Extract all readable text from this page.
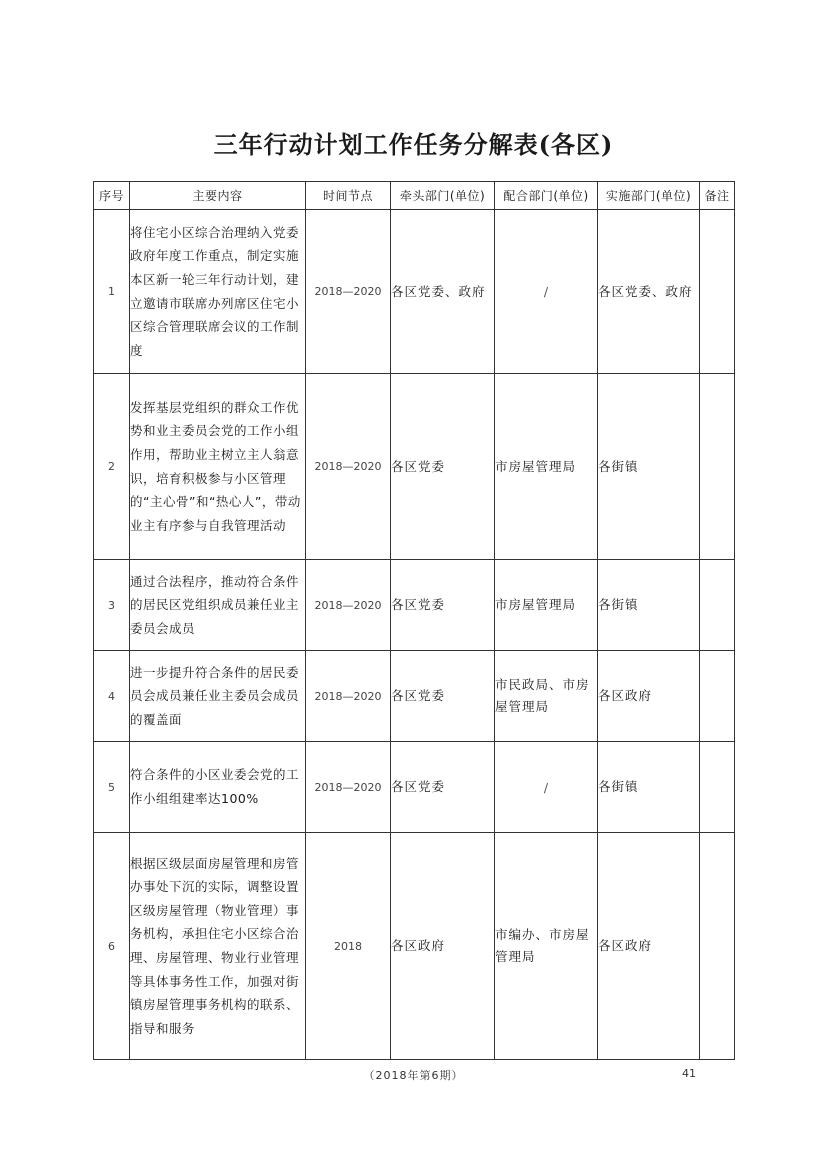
三年行动计划工作任务分解表(各区)
序号	主要内容	时间节点	牵头部门(单位)	配合部门(单位)	实施部门(单位)	备注
1	将住宅小区综合治理纳入党委政府年度工作重点，制定实施本区新一轮三年行动计划，建立邀请市联席办列席区住宅小区综合管理联席会议的工作制度	2018—2020	各区党委、政府	/	各区党委、政府	
2	发挥基层党组织的群众工作优势和业主委员会党的工作小组作用，帮助业主树立主人翁意识，培育积极参与小区管理的“主心骨”和“热心人”，带动业主有序参与自我管理活动	2018—2020	各区党委	市房屋管理局	各街镇	
3	通过合法程序，推动符合条件的居民区党组织成员兼任业主委员会成员	2018—2020	各区党委	市房屋管理局	各街镇	
4	进一步提升符合条件的居民委员会成员兼任业主委员会成员的覆盖面	2018—2020	各区党委	市民政局、市房屋管理局	各区政府	
5	符合条件的小区业委会党的工作小组组建率达100%	2018—2020	各区党委	/	各街镇	
6	根据区级层面房屋管理和房管办事处下沉的实际，调整设置区级房屋管理（物业管理）事务机构，承担住宅小区综合治理、房屋管理、物业行业管理等具体事务性工作，加强对街镇房屋管理事务机构的联系、指导和服务	2018	各区政府	市编办、市房屋管理局	各区政府	
（2018年第6期）	41
